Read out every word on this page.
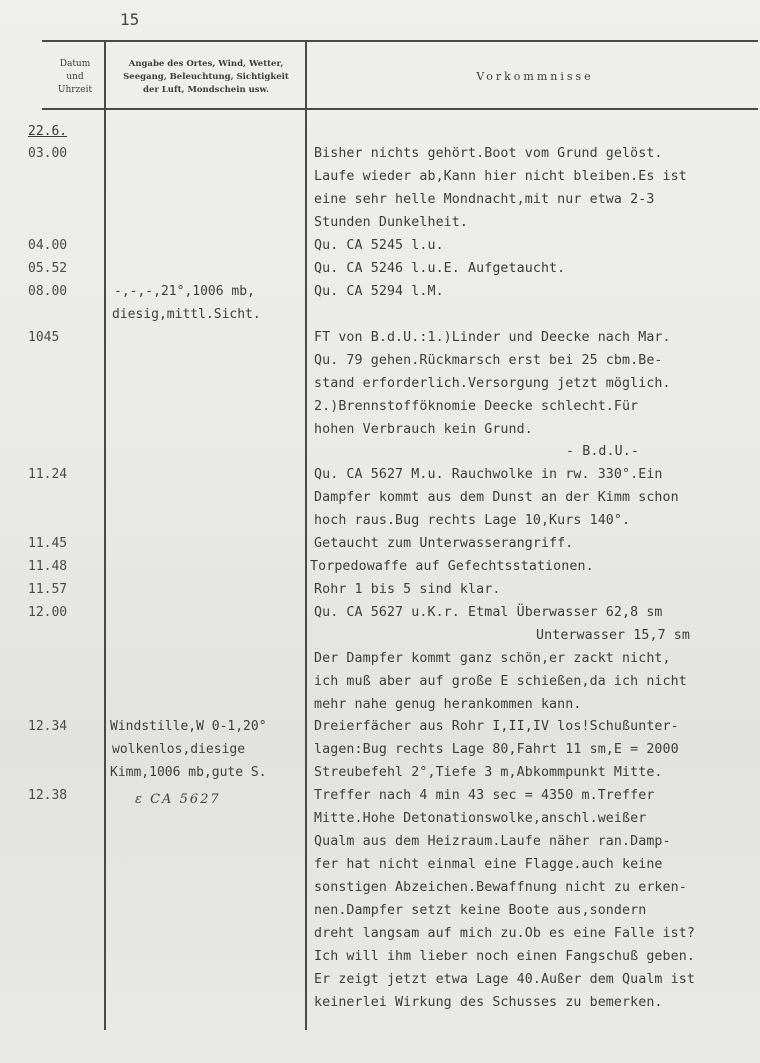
15
Datum
und
Uhrzeit
Angabe des Ortes, Wind, Wetter,
Seegang, Beleuchtung, Sichtigkeit
der Luft, Mondschein usw.
Vorkommnisse
22.6.
03.00
04.00
05.52
08.00
1045
11.24
11.45
11.48
11.57
12.00
12.34
12.38
-,-,-,21°,1006 mb,
diesig,mittl.Sicht.
Windstille,W 0-1,20°
wolkenlos,diesige
Kimm,1006 mb,gute S.
ε CA 5627
Bisher nichts gehört.Boot vom Grund gelöst.
Laufe wieder ab,Kann hier nicht bleiben.Es ist
eine sehr helle Mondnacht,mit nur etwa 2-3
Stunden Dunkelheit.
Qu. CA 5245 l.u.
Qu. CA 5246 l.u.E. Aufgetaucht.
Qu. CA 5294 l.M.
FT von B.d.U.:1.)Linder und Deecke nach Mar.
Qu. 79 gehen.Rückmarsch erst bei 25 cbm.Be-
stand erforderlich.Versorgung jetzt möglich.
2.)Brennstofföknomie Deecke schlecht.Für
hohen Verbrauch kein Grund.
- B.d.U.-
Qu. CA 5627 M.u. Rauchwolke in rw. 330°.Ein
Dampfer kommt aus dem Dunst an der Kimm schon
hoch raus.Bug rechts Lage 10,Kurs 140°.
Getaucht zum Unterwasserangriff.
Torpedowaffe auf Gefechtsstationen.
Rohr 1 bis 5 sind klar.
Qu. CA 5627 u.K.r. Etmal Überwasser 62,8 sm
Unterwasser 15,7 sm
Der Dampfer kommt ganz schön,er zackt nicht,
ich muß aber auf große E schießen,da ich nicht
mehr nahe genug herankommen kann.
Dreierfächer aus Rohr I,II,IV los!Schußunter-
lagen:Bug rechts Lage 80,Fahrt 11 sm,E = 2000
Streubefehl 2°,Tiefe 3 m,Abkommpunkt Mitte.
Treffer nach 4 min 43 sec = 4350 m.Treffer
Mitte.Hohe Detonationswolke,anschl.weißer
Qualm aus dem Heizraum.Laufe näher ran.Damp-
fer hat nicht einmal eine Flagge.auch keine
sonstigen Abzeichen.Bewaffnung nicht zu erken-
nen.Dampfer setzt keine Boote aus,sondern
dreht langsam auf mich zu.Ob es eine Falle ist?
Ich will ihm lieber noch einen Fangschuß geben.
Er zeigt jetzt etwa Lage 40.Außer dem Qualm ist
keinerlei Wirkung des Schusses zu bemerken.
